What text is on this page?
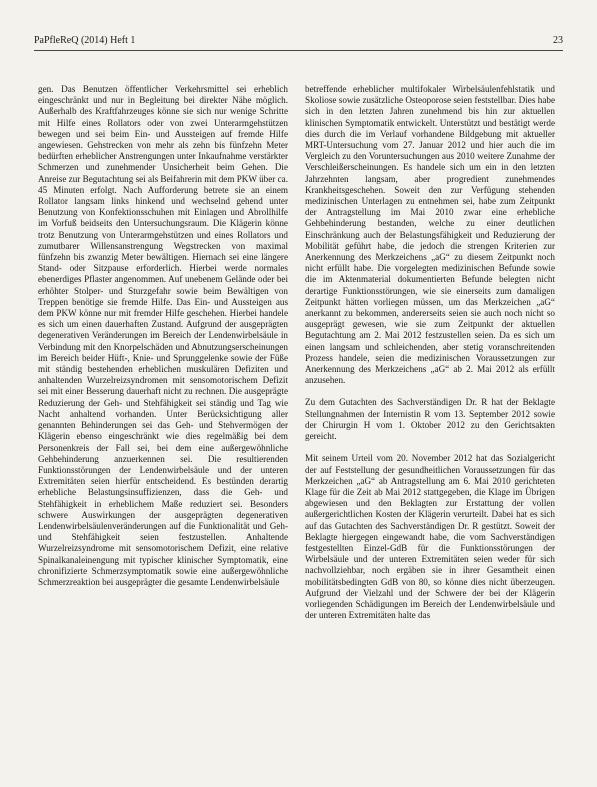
PaPfleReQ (2014) Heft 1	23

gen. Das Benutzen öffentlicher Verkehrsmittel sei erheblich eingeschränkt und nur in Begleitung bei direkter Nähe möglich. Außerhalb des Kraftfahrzeuges könne sie sich nur wenige Schritte mit Hilfe eines Rollators oder von zwei Unterarmgehstützen bewegen und sei beim Ein- und Aussteigen auf fremde Hilfe angewiesen. Gehstrecken von mehr als zehn bis fünfzehn Meter bedürften erheblicher Anstrengungen unter Inkaufnahme verstärkter Schmerzen und zunehmender Unsicherheit beim Gehen. Die Anreise zur Begutachtung sei als Beifahrerin mit dem PKW über ca. 45 Minuten erfolgt. Nach Aufforderung betrete sie an einem Rollator langsam links hinkend und wechselnd gehend unter Benutzung von Konfektionsschuhen mit Einlagen und Abrollhilfe im Vorfuß beidseits den Untersuchungsraum. Die Klägerin könne trotz Benutzung von Unterarmgehstützen und eines Rollators und zumutbarer Willensanstrengung Wegstrecken von maximal fünfzehn bis zwanzig Meter bewältigen. Hiernach sei eine längere Stand- oder Sitzpause erforderlich. Hierbei werde normales ebenerdiges Pflaster angenommen. Auf unebenem Gelände oder bei erhöhter Stolper- und Sturzgefahr sowie beim Bewältigen von Treppen benötige sie fremde Hilfe. Das Ein- und Aussteigen aus dem PKW könne nur mit fremder Hilfe geschehen. Hierbei handele es sich um einen dauerhaften Zustand. Aufgrund der ausgeprägten degenerativen Veränderungen im Bereich der Lendenwirbelsäule in Verbindung mit den Knorpelschäden und Abnutzungserscheinungen im Bereich beider Hüft-, Knie- und Sprunggelenke sowie der Füße mit ständig bestehenden erheblichen muskulären Defiziten und anhaltenden Wurzelreizsyndromen mit sensomotorischem Defizit sei mit einer Besserung dauerhaft nicht zu rechnen. Die ausgeprägte Reduzierung der Geh- und Stehfähigkeit sei ständig und Tag wie Nacht anhaltend vorhanden. Unter Berücksichtigung aller genannten Behinderungen sei das Geh- und Stehvermögen der Klägerin ebenso eingeschränkt wie dies regelmäßig bei dem Personenkreis der Fall sei, bei dem eine außergewöhnliche Gehbehinderung anzuerkennen sei. Die resultierenden Funktionsstörungen der Lendenwirbelsäule und der unteren Extremitäten seien hierfür entscheidend. Es bestünden derartig erhebliche Belastungsinsuffizienzen, dass die Geh- und Stehfähigkeit in erheblichem Maße reduziert sei. Besonders schwere Auswirkungen der ausgeprägten degenerativen Lendenwirbelsäulenveränderungen auf die Funktionalität und Geh- und Stehfähigkeit seien festzustellen. Anhaltende Wurzelreizsyndrome mit sensomotorischem Defizit, eine relative Spinalkanaleinengung mit typischer klinischer Symptomatik, eine chronifizierte Schmerzsymptomatik sowie eine außergewöhnliche Schmerzreaktion bei ausgeprägter die gesamte Lendenwirbelsäule

betreffende erheblicher multifokaler Wirbelsäulenfehlstatik und Skoliose sowie zusätzliche Osteoporose seien feststellbar. Dies habe sich in den letzten Jahren zunehmend bis hin zur aktuellen klinischen Symptomatik entwickelt. Unterstützt und bestätigt werde dies durch die im Verlauf vorhandene Bildgebung mit aktueller MRT-Untersuchung vom 27. Januar 2012 und hier auch die im Vergleich zu den Voruntersuchungen aus 2010 weitere Zunahme der Verschleißerscheinungen. Es handele sich um ein in den letzten Jahrzehnten langsam, aber progredient zunehmendes Krankheitsgeschehen. Soweit den zur Verfügung stehenden medizinischen Unterlagen zu entnehmen sei, habe zum Zeitpunkt der Antragstellung im Mai 2010 zwar eine erhebliche Gehbehinderung bestanden, welche zu einer deutlichen Einschränkung auch der Belastungsfähigkeit und Reduzierung der Mobilität geführt habe, die jedoch die strengen Kriterien zur Anerkennung des Merkzeichens „aG“ zu diesem Zeitpunkt noch nicht erfüllt habe. Die vorgelegten medizinischen Befunde sowie die im Aktenmaterial dokumentierten Befunde belegten nicht derartige Funktionsstörungen, wie sie einerseits zum damaligen Zeitpunkt hätten vorliegen müssen, um das Merkzeichen „aG“ anerkannt zu bekommen, andererseits seien sie auch noch nicht so ausgeprägt gewesen, wie sie zum Zeitpunkt der aktuellen Begutachtung am 2. Mai 2012 festzustellen seien. Da es sich um einen langsam und schleichenden, aber stetig voranschreitenden Prozess handele, seien die medizinischen Voraussetzungen zur Anerkennung des Merkzeichens „aG“ ab 2. Mai 2012 als erfüllt anzusehen.

Zu dem Gutachten des Sachverständigen Dr. R hat der Beklagte Stellungnahmen der Internistin R vom 13. September 2012 sowie der Chirurgin H vom 1. Oktober 2012 zu den Gerichtsakten gereicht.

Mit seinem Urteil vom 20. November 2012 hat das Sozialgericht der auf Feststellung der gesundheitlichen Voraussetzungen für das Merkzeichen „aG“ ab Antragstellung am 6. Mai 2010 gerichteten Klage für die Zeit ab Mai 2012 stattgegeben, die Klage im Übrigen abgewiesen und den Beklagten zur Erstattung der vollen außergerichtlichen Kosten der Klägerin verurteilt. Dabei hat es sich auf das Gutachten des Sachverständigen Dr. R gestützt. Soweit der Beklagte hiergegen eingewandt habe, die vom Sachverständigen festgestellten Einzel-GdB für die Funktionsstörungen der Wirbelsäule und der unteren Extremitäten seien weder für sich nachvollziehbar, noch ergäben sie in ihrer Gesamtheit einen mobilitätsbedingten GdB von 80, so könne dies nicht überzeugen. Aufgrund der Vielzahl und der Schwere der bei der Klägerin vorliegenden Schädigungen im Bereich der Lendenwirbelsäule und der unteren Extremitäten halte das
